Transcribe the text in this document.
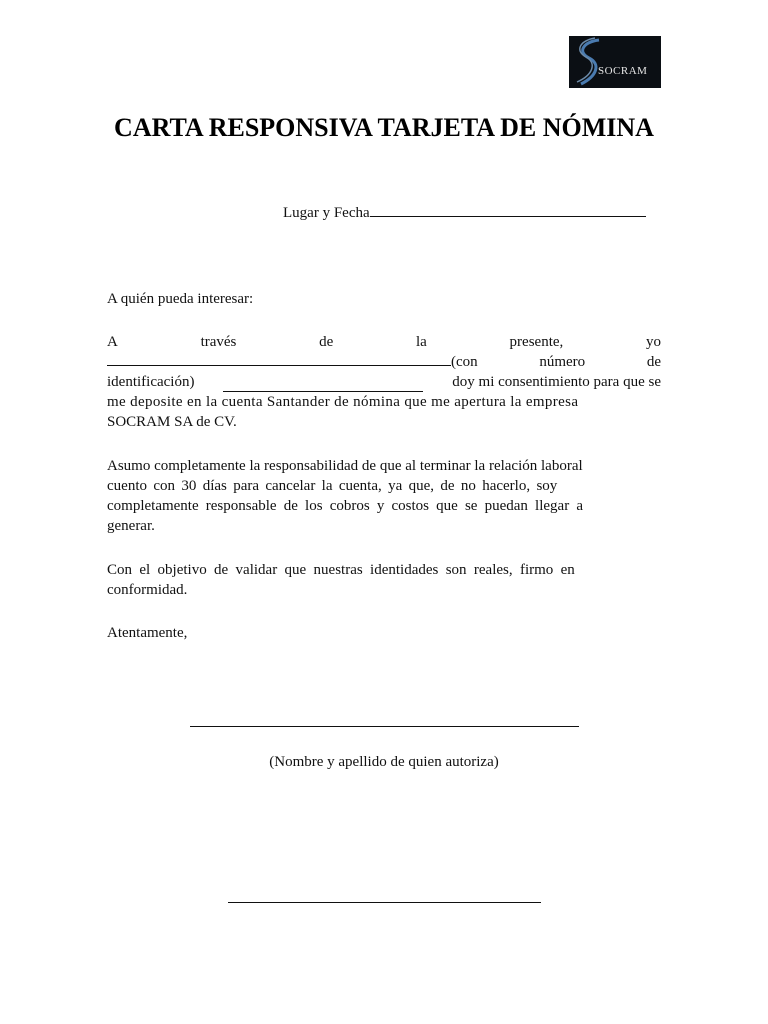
SOCRAM
CARTA RESPONSIVA TARJETA DE NÓMINA
Lugar y Fecha
A quién pueda interesar:
A	través	de	la	presente,	yo
(con	número	de
identificación)	doy mi consentimiento para que se
me deposite en la cuenta Santander de nómina que me apertura la empresa
SOCRAM SA de CV.
Asumo completamente la responsabilidad de que al terminar la relación laboral
cuento con 30 días para cancelar la cuenta, ya que, de no hacerlo, soy
completamente responsable de los cobros y costos que se puedan llegar a
generar.
Con el objetivo de validar que nuestras identidades son reales, firmo en
conformidad.
Atentamente,
(Nombre y apellido de quien autoriza)
